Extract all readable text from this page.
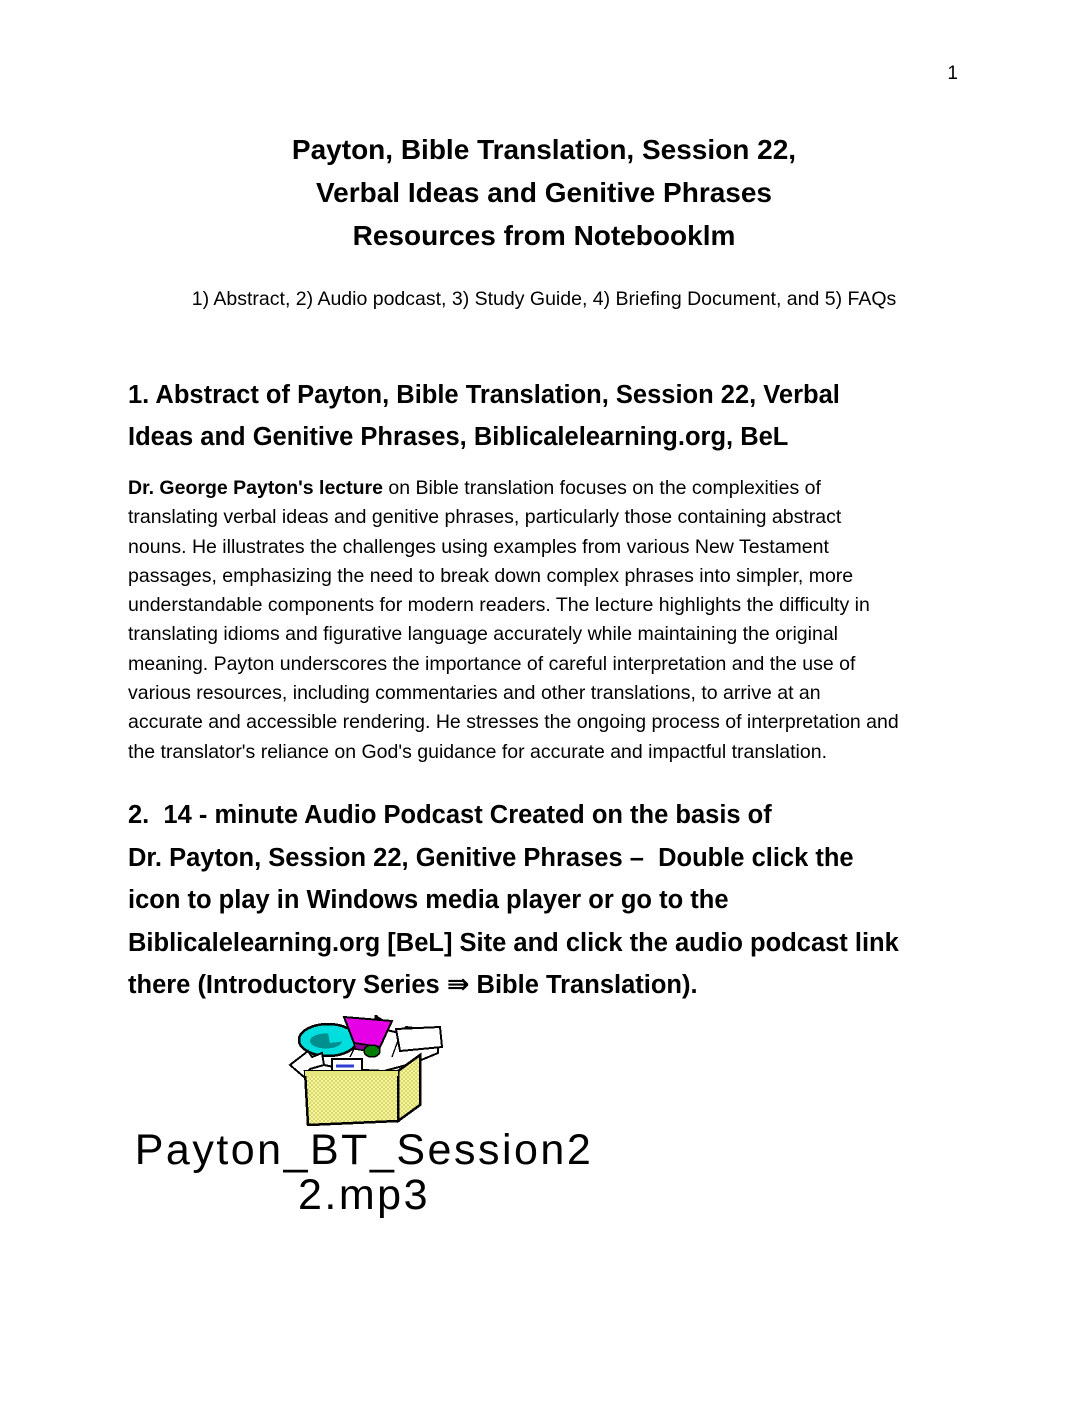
1
Payton, Bible Translation, Session 22,
Verbal Ideas and Genitive Phrases
Resources from Notebooklm
1) Abstract, 2) Audio podcast, 3) Study Guide, 4) Briefing Document, and 5) FAQs
1. Abstract of Payton, Bible Translation, Session 22, Verbal
Ideas and Genitive Phrases, Biblicalelearning.org, BeL
Dr. George Payton's lecture on Bible translation focuses on the complexities of
translating verbal ideas and genitive phrases, particularly those containing abstract
nouns. He illustrates the challenges using examples from various New Testament
passages, emphasizing the need to break down complex phrases into simpler, more
understandable components for modern readers. The lecture highlights the difficulty in
translating idioms and figurative language accurately while maintaining the original
meaning. Payton underscores the importance of careful interpretation and the use of
various resources, including commentaries and other translations, to arrive at an
accurate and accessible rendering. He stresses the ongoing process of interpretation and
the translator's reliance on God's guidance for accurate and impactful translation.
2.  14 - minute Audio Podcast Created on the basis of
Dr. Payton, Session 22, Genitive Phrases –  Double click the
icon to play in Windows media player or go to the
Biblicalelearning.org [BeL] Site and click the audio podcast link
there (Introductory Series ⇛ Bible Translation).
Payton_BT_Session2
2.mp3
